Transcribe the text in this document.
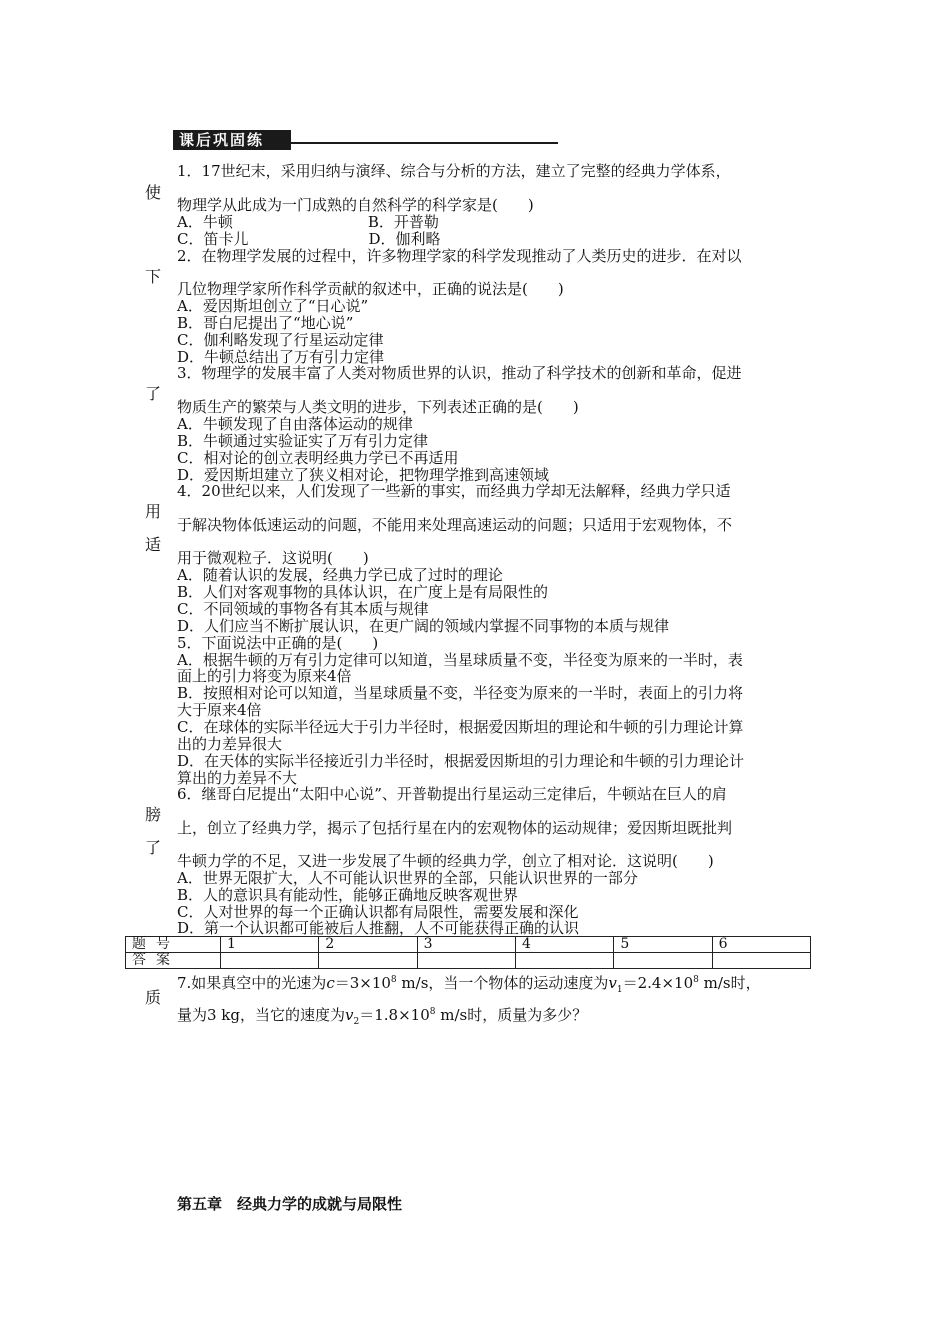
课后巩固练
使
下
了
用
适
膀
了
质
1．17世纪末，采用归纳与演绎、综合与分析的方法，建立了完整的经典力学体系，
物理学从此成为一门成熟的自然科学的科学家是(　　)
A．牛顿　　　　　　　　　B．开普勒
C．笛卡儿　　　　　　　　D．伽利略
2．在物理学发展的过程中，许多物理学家的科学发现推动了人类历史的进步．在对以
几位物理学家所作科学贡献的叙述中，正确的说法是(　　)
A．爱因斯坦创立了“日心说”
B．哥白尼提出了“地心说”
C．伽利略发现了行星运动定律
D．牛顿总结出了万有引力定律
3．物理学的发展丰富了人类对物质世界的认识，推动了科学技术的创新和革命，促进
物质生产的繁荣与人类文明的进步，下列表述正确的是(　　)
A．牛顿发现了自由落体运动的规律
B．牛顿通过实验证实了万有引力定律
C．相对论的创立表明经典力学已不再适用
D．爱因斯坦建立了狭义相对论，把物理学推到高速领域
4．20世纪以来，人们发现了一些新的事实，而经典力学却无法解释，经典力学只适
于解决物体低速运动的问题，不能用来处理高速运动的问题；只适用于宏观物体，不
用于微观粒子．这说明(　　)
A．随着认识的发展，经典力学已成了过时的理论
B．人们对客观事物的具体认识，在广度上是有局限性的
C．不同领域的事物各有其本质与规律
D．人们应当不断扩展认识，在更广阔的领域内掌握不同事物的本质与规律
5．下面说法中正确的是(　　)
A．根据牛顿的万有引力定律可以知道，当星球质量不变，半径变为原来的一半时，表
面上的引力将变为原来4倍
B．按照相对论可以知道，当星球质量不变，半径变为原来的一半时，表面上的引力将
大于原来4倍
C．在球体的实际半径远大于引力半径时，根据爱因斯坦的理论和牛顿的引力理论计算
出的力差异很大
D．在天体的实际半径接近引力半径时，根据爱因斯坦的引力理论和牛顿的引力理论计
算出的力差异不大
6．继哥白尼提出“太阳中心说”、开普勒提出行星运动三定律后，牛顿站在巨人的肩
上，创立了经典力学，揭示了包括行星在内的宏观物体的运动规律；爱因斯坦既批判
牛顿力学的不足，又进一步发展了牛顿的经典力学，创立了相对论．这说明(　　)
A．世界无限扩大，人不可能认识世界的全部，只能认识世界的一部分
B．人的意识具有能动性，能够正确地反映客观世界
C．人对世界的每一个正确认识都有局限性，需要发展和深化
D．第一个认识都可能被后人推翻，人不可能获得正确的认识
题号	1	2	3	4	5	6
答案						
7.如果真空中的光速为$c=3\times 10^8$ m/s，当一个物体的运动速度为$v_1=2.4\times 10^8$ m/s时，
量为3 kg，当它的速度为$v_2=1.8\times 10^8$ m/s时，质量为多少？
第五章　经典力学的成就与局限性
